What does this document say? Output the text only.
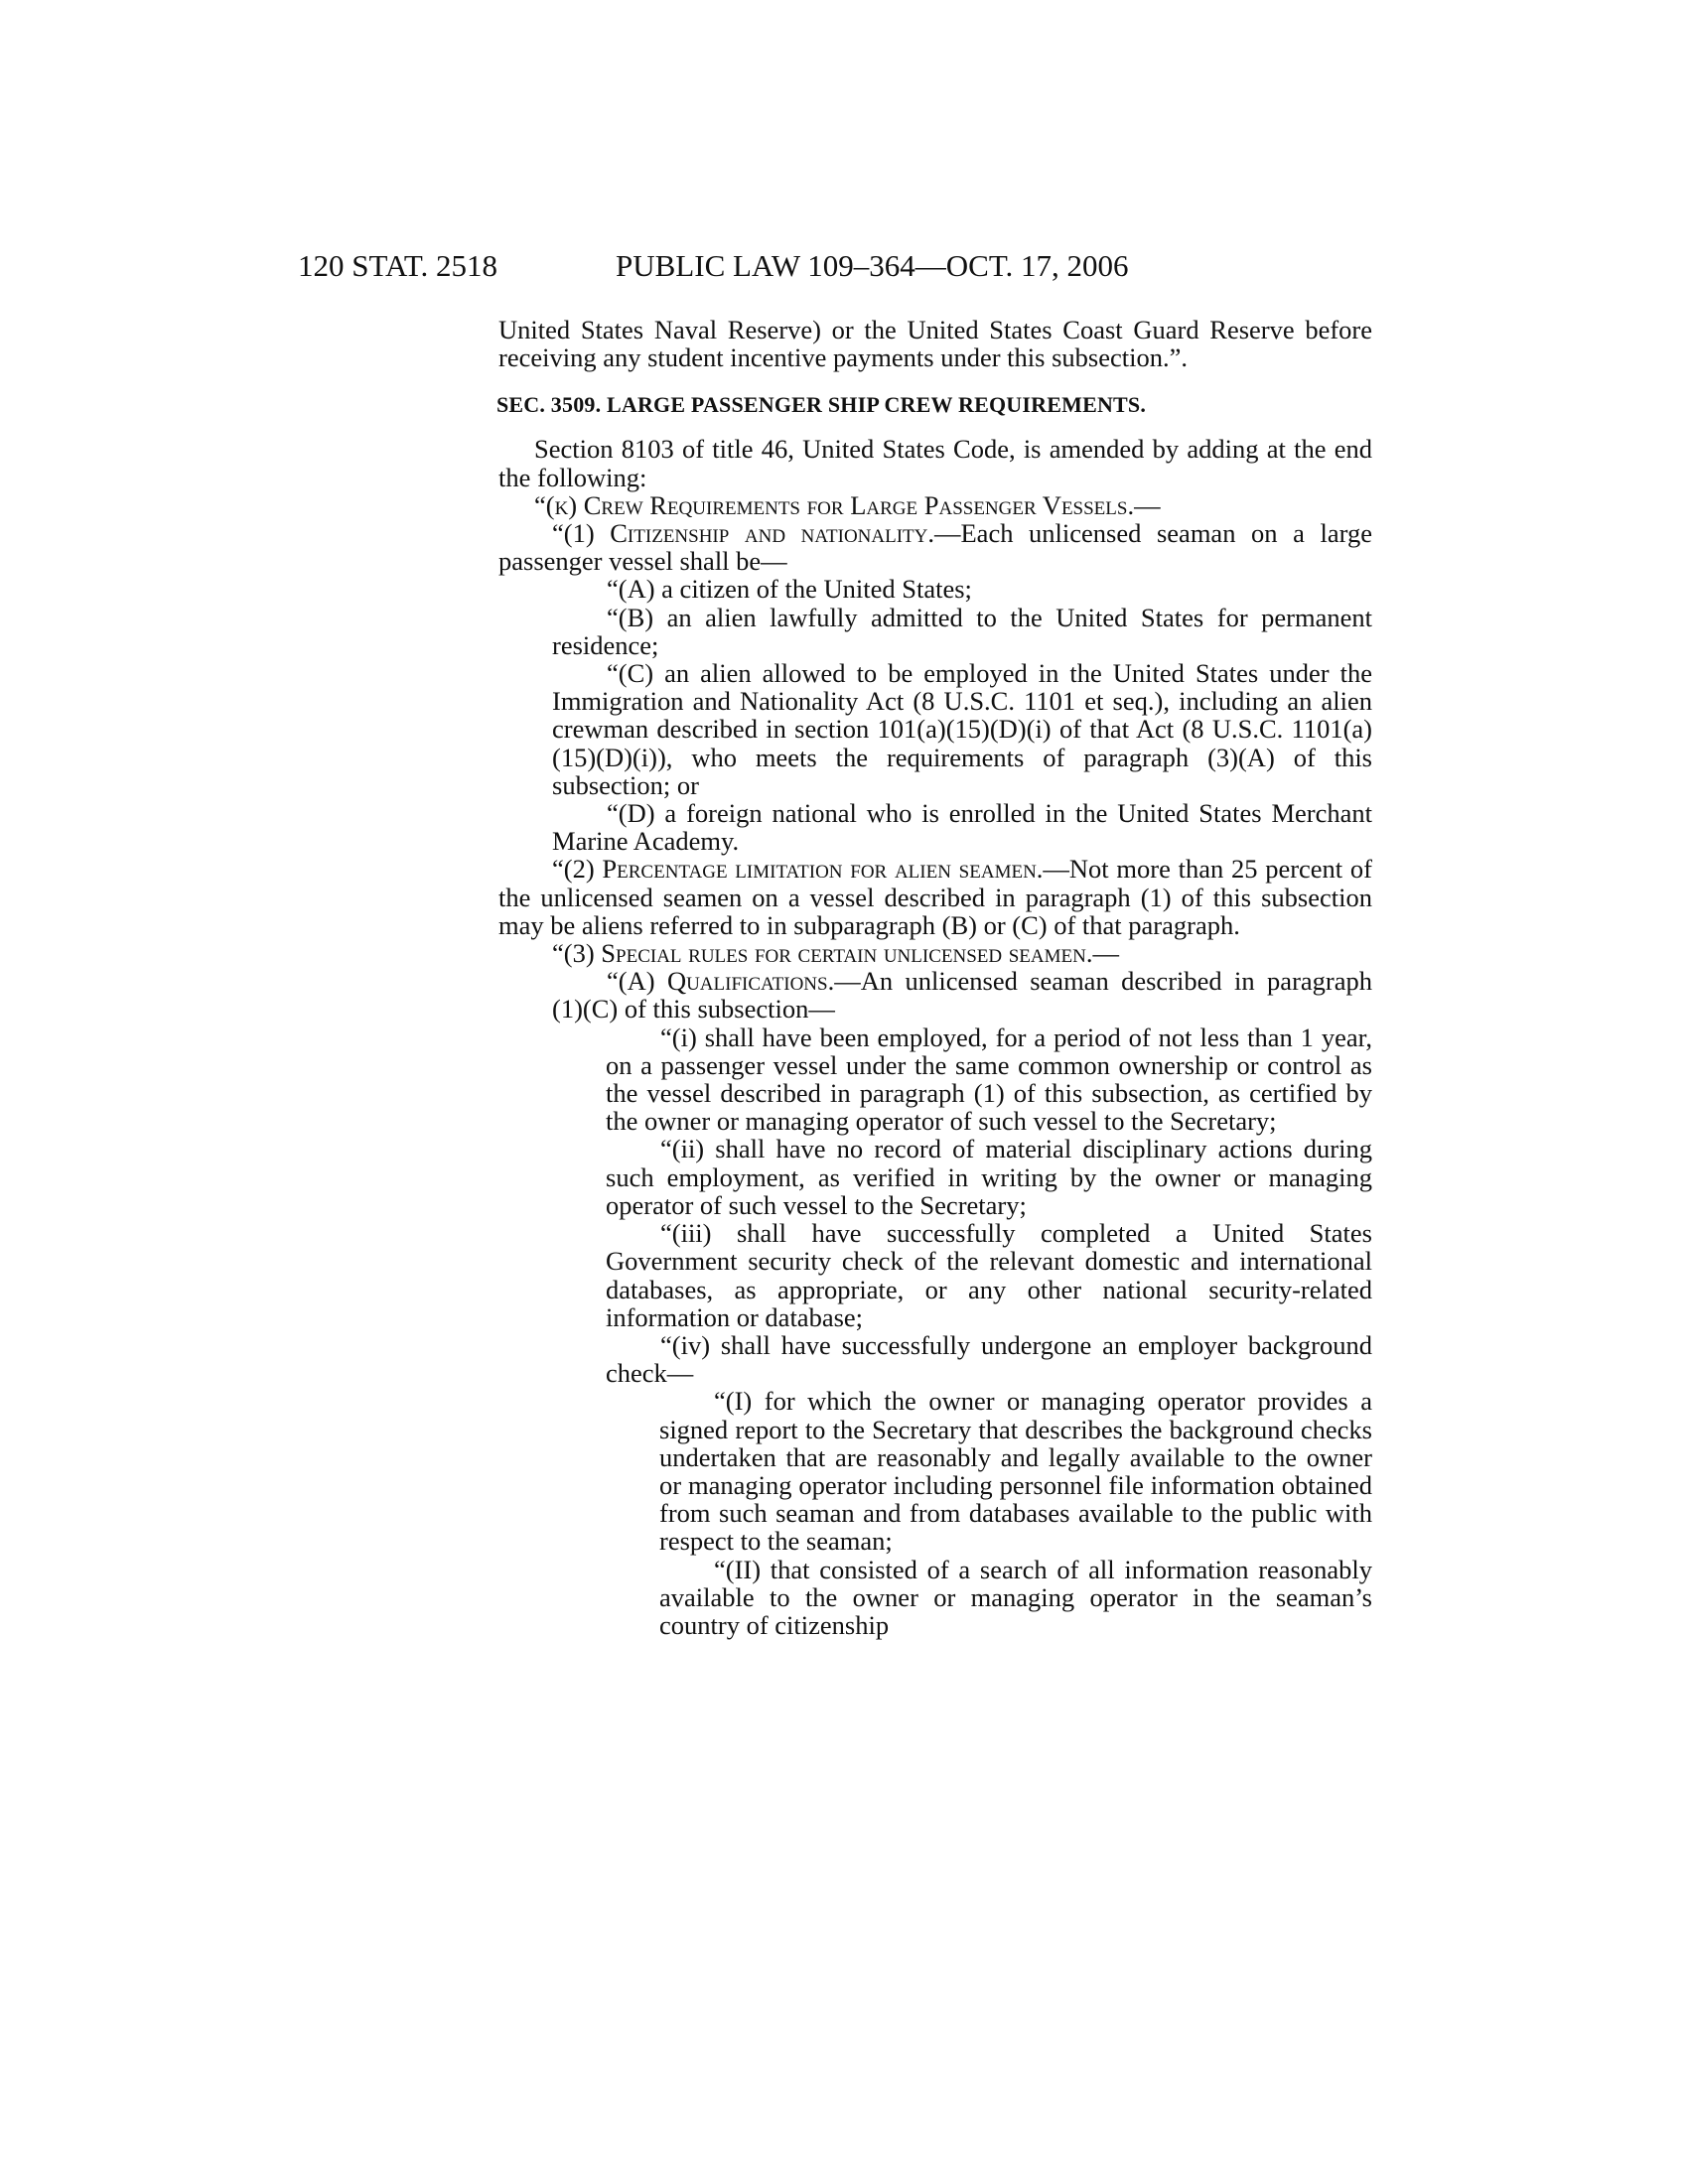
120 STAT. 2518	PUBLIC LAW 109–364—OCT. 17, 2006

United States Naval Reserve) or the United States Coast Guard Reserve before receiving any student incentive payments under this subsection.”.

SEC. 3509. LARGE PASSENGER SHIP CREW REQUIREMENTS.

Section 8103 of title 46, United States Code, is amended by adding at the end the following:

“(k) Crew Requirements for Large Passenger Vessels.—

“(1) Citizenship and nationality.—Each unlicensed seaman on a large passenger vessel shall be—

“(A) a citizen of the United States;

“(B) an alien lawfully admitted to the United States for permanent residence;

“(C) an alien allowed to be employed in the United States under the Immigration and Nationality Act (8 U.S.C. 1101 et seq.), including an alien crewman described in section 101(a)(15)(D)(i) of that Act (8 U.S.C. 1101(a)(15)(D)(i)), who meets the requirements of paragraph (3)(A) of this subsection; or

“(D) a foreign national who is enrolled in the United States Merchant Marine Academy.

“(2) Percentage limitation for alien seamen.—Not more than 25 percent of the unlicensed seamen on a vessel described in paragraph (1) of this subsection may be aliens referred to in subparagraph (B) or (C) of that paragraph.

“(3) Special rules for certain unlicensed seamen.—

“(A) Qualifications.—An unlicensed seaman described in paragraph (1)(C) of this subsection—

“(i) shall have been employed, for a period of not less than 1 year, on a passenger vessel under the same common ownership or control as the vessel described in paragraph (1) of this subsection, as certified by the owner or managing operator of such vessel to the Secretary;

“(ii) shall have no record of material disciplinary actions during such employment, as verified in writing by the owner or managing operator of such vessel to the Secretary;

“(iii) shall have successfully completed a United States Government security check of the relevant domestic and international databases, as appropriate, or any other national security-related information or database;

“(iv) shall have successfully undergone an employer background check—

“(I) for which the owner or managing operator provides a signed report to the Secretary that describes the background checks undertaken that are reasonably and legally available to the owner or managing operator including personnel file information obtained from such seaman and from databases available to the public with respect to the seaman;

“(II) that consisted of a search of all information reasonably available to the owner or managing operator in the seaman’s country of citizenship
